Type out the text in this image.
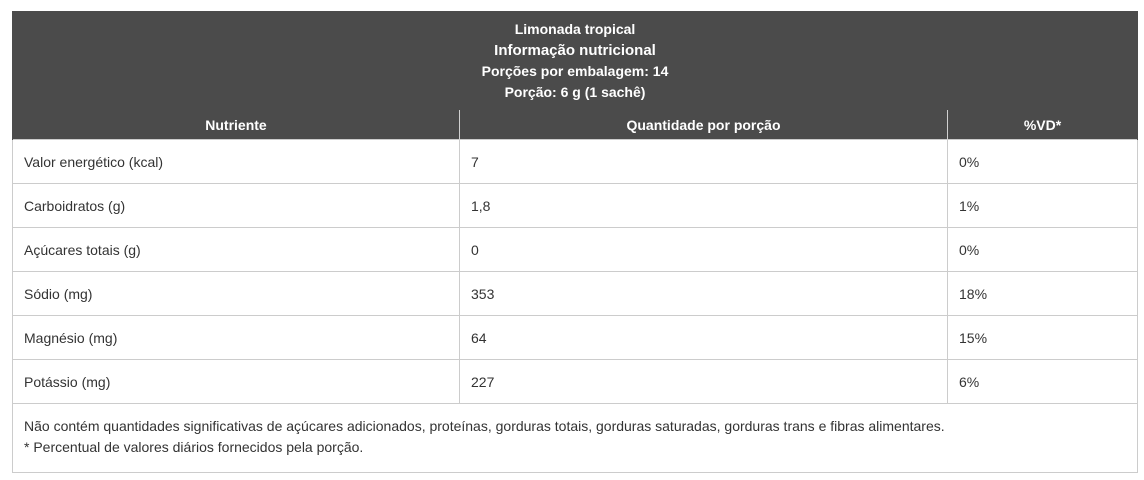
Limonada tropical
Informação nutricional
Porções por embalagem: 14
Porção: 6 g (1 sachê)		

Nutriente	Quantidade por porção	%VD*
Valor energético (kcal)	7	0%
Carboidratos (g)	1,8	1%
Açúcares totais (g)	0	0%
Sódio (mg)	353	18%
Magnésio (mg)	64	15%
Potássio (mg)	227	6%

Não contém quantidades significativas de açúcares adicionados, proteínas, gorduras totais, gorduras saturadas, gorduras trans e fibras alimentares.
* Percentual de valores diários fornecidos pela porção.		
